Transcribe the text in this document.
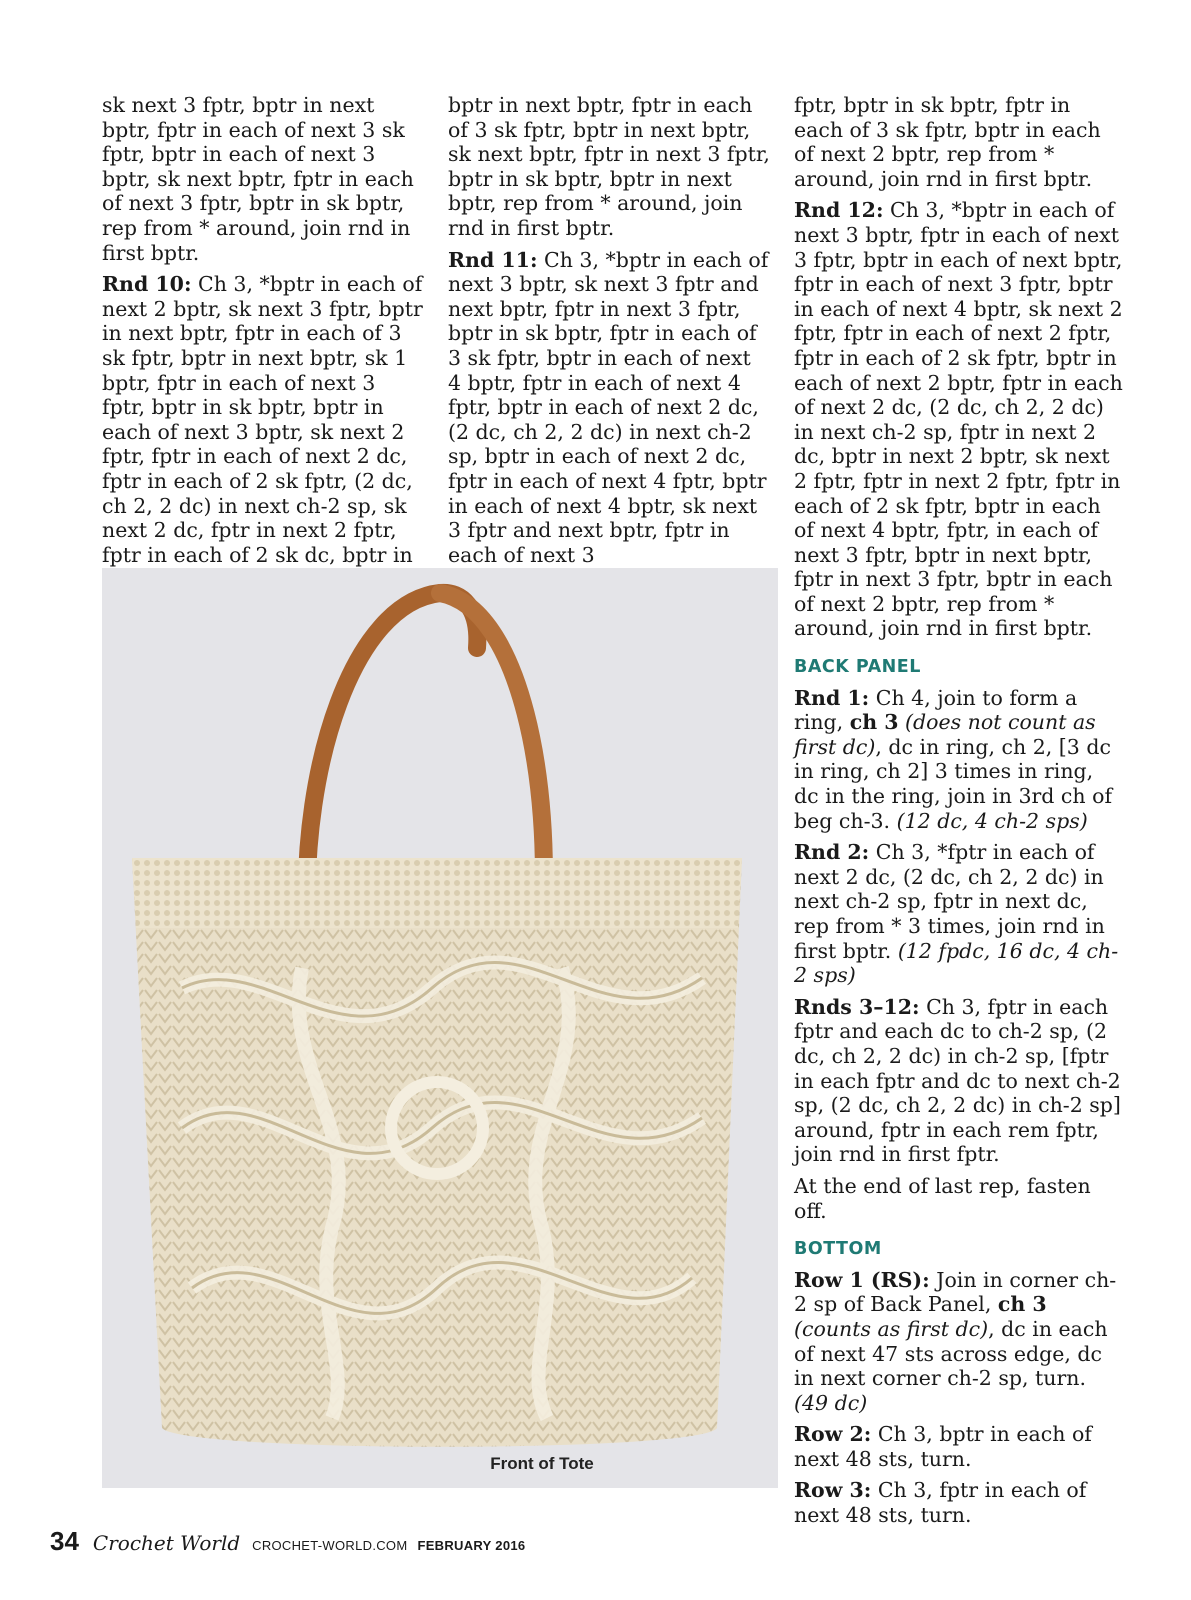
sk next 3 fptr, bptr in next bptr, fptr in each of next 3 sk fptr, bptr in each of next 3 bptr, sk next bptr, fptr in each of next 3 fptr, bptr in sk bptr, rep from * around, join rnd in first bptr.

Rnd 10: Ch 3, *bptr in each of next 2 bptr, sk next 3 fptr, bptr in next bptr, fptr in each of 3 sk fptr, bptr in next bptr, sk 1 bptr, fptr in each of next 3 fptr, bptr in sk bptr, bptr in each of next 3 bptr, sk next 2 fptr, fptr in each of next 2 dc, fptr in each of 2 sk fptr, (2 dc, ch 2, 2 dc) in next ch-2 sp, sk next 2 dc, fptr in next 2 fptr, fptr in each of 2 sk dc, bptr in

bptr in next bptr, fptr in each of 3 sk fptr, bptr in next bptr, sk next bptr, fptr in next 3 fptr, bptr in sk bptr, bptr in next bptr, rep from * around, join rnd in first bptr.

Rnd 11: Ch 3, *bptr in each of next 3 bptr, sk next 3 fptr and next bptr, fptr in next 3 fptr, bptr in sk bptr, fptr in each of 3 sk fptr, bptr in each of next 4 bptr, fptr in each of next 4 fptr, bptr in each of next 2 dc, (2 dc, ch 2, 2 dc) in next ch-2 sp, bptr in each of next 2 dc, fptr in each of next 4 fptr, bptr in each of next 4 bptr, sk next 3 fptr and next bptr, fptr in each of next 3

fptr, bptr in sk bptr, fptr in each of 3 sk fptr, bptr in each of next 2 bptr, rep from * around, join rnd in first bptr.

Rnd 12: Ch 3, *bptr in each of next 3 bptr, fptr in each of next 3 fptr, bptr in each of next bptr, fptr in each of next 3 fptr, bptr in each of next 4 bptr, sk next 2 fptr, fptr in each of next 2 fptr, fptr in each of 2 sk fptr, bptr in each of next 2 bptr, fptr in each of next 2 dc, (2 dc, ch 2, 2 dc) in next ch-2 sp, fptr in next 2 dc, bptr in next 2 bptr, sk next 2 fptr, fptr in next 2 fptr, fptr in each of 2 sk fptr, bptr in each of next 4 bptr, fptr, in each of next 3 fptr, bptr in next bptr, fptr in next 3 fptr, bptr in each of next 2 bptr, rep from * around, join rnd in first bptr.

BACK PANEL

Rnd 1: Ch 4, join to form a ring, ch 3 (does not count as first dc), dc in ring, ch 2, [3 dc in ring, ch 2] 3 times in ring, dc in the ring, join in 3rd ch of beg ch-3. (12 dc, 4 ch-2 sps)

Rnd 2: Ch 3, *fptr in each of next 2 dc, (2 dc, ch 2, 2 dc) in next ch-2 sp, fptr in next dc, rep from * 3 times, join rnd in first bptr. (12 fpdc, 16 dc, 4 ch-2 sps)

Rnds 3–12: Ch 3, fptr in each fptr and each dc to ch-2 sp, (2 dc, ch 2, 2 dc) in ch-2 sp, [fptr in each fptr and dc to next ch-2 sp, (2 dc, ch 2, 2 dc) in ch-2 sp] around, fptr in each rem fptr, join rnd in first fptr.

At the end of last rep, fasten off.

BOTTOM

Row 1 (RS): Join in corner ch-2 sp of Back Panel, ch 3 (counts as first dc), dc in each of next 47 sts across edge, dc in next corner ch-2 sp, turn. (49 dc)

Row 2: Ch 3, bptr in each of next 48 sts, turn.

Row 3: Ch 3, fptr in each of next 48 sts, turn.

Front of Tote
34 Crochet World CROCHET-WORLD.COM FEBRUARY 2016
